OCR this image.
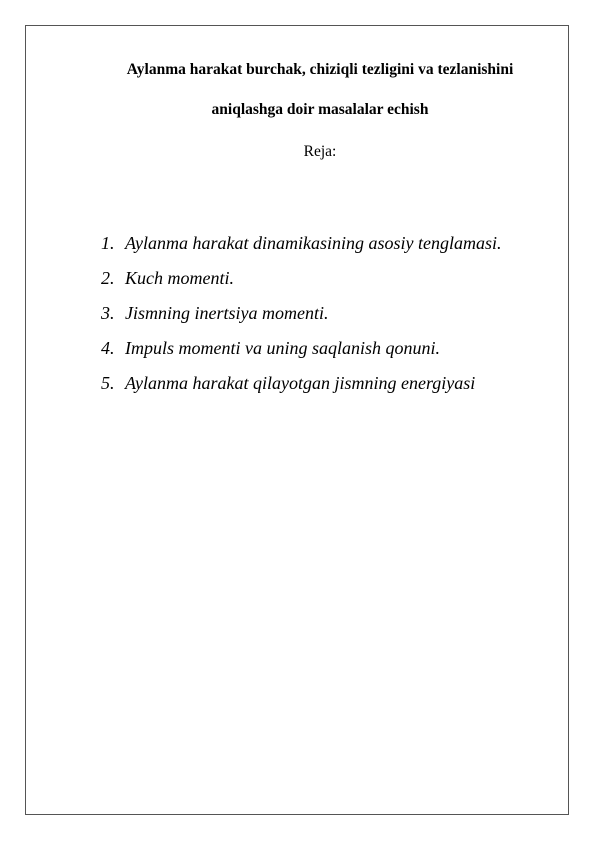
Aylanma harakat burchak, chiziqli tezligini va tezlanishini
aniqlashga doir masalalar echish
Reja:
1. Aylanma harakat dinamikasining asosiy tenglamasi.
2. Kuch momenti.
3. Jismning inertsiya momenti.
4. Impuls momenti va uning saqlanish qonuni.
5. Aylanma harakat qilayotgan jismning energiyasi
